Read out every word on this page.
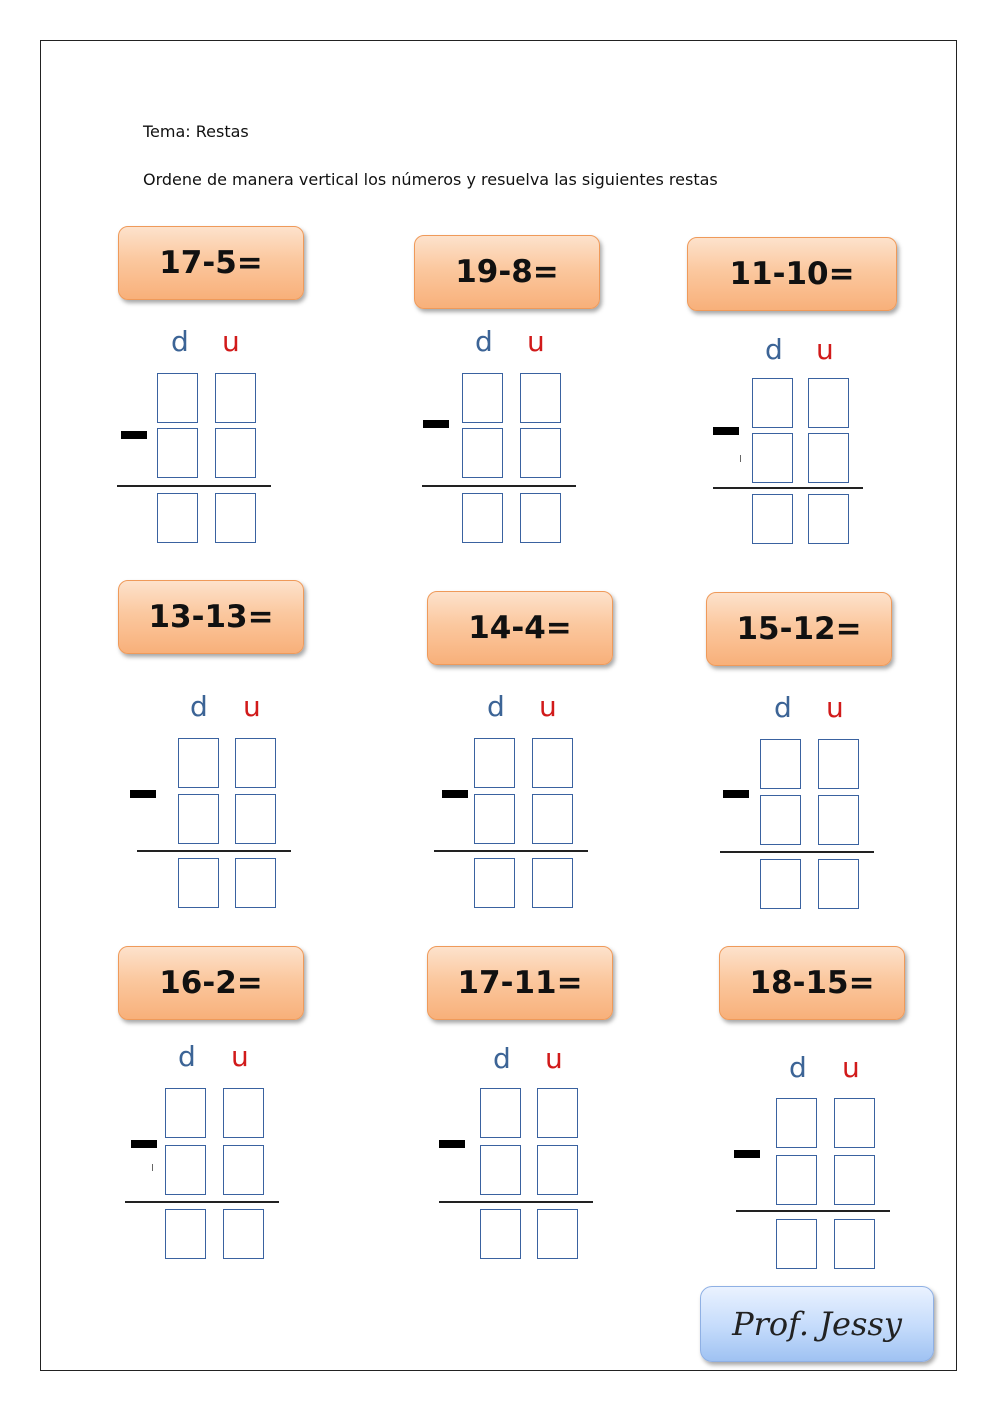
Tema: Restas
Ordene de manera vertical los números y resuelva las siguientes restas
17-5=
d u
19-8=
d u
11-10=
d u
13-13=
d u
14-4=
d u
15-12=
d u
16-2=
d u
17-11=
d u
18-15=
d u
Prof. Jessy
